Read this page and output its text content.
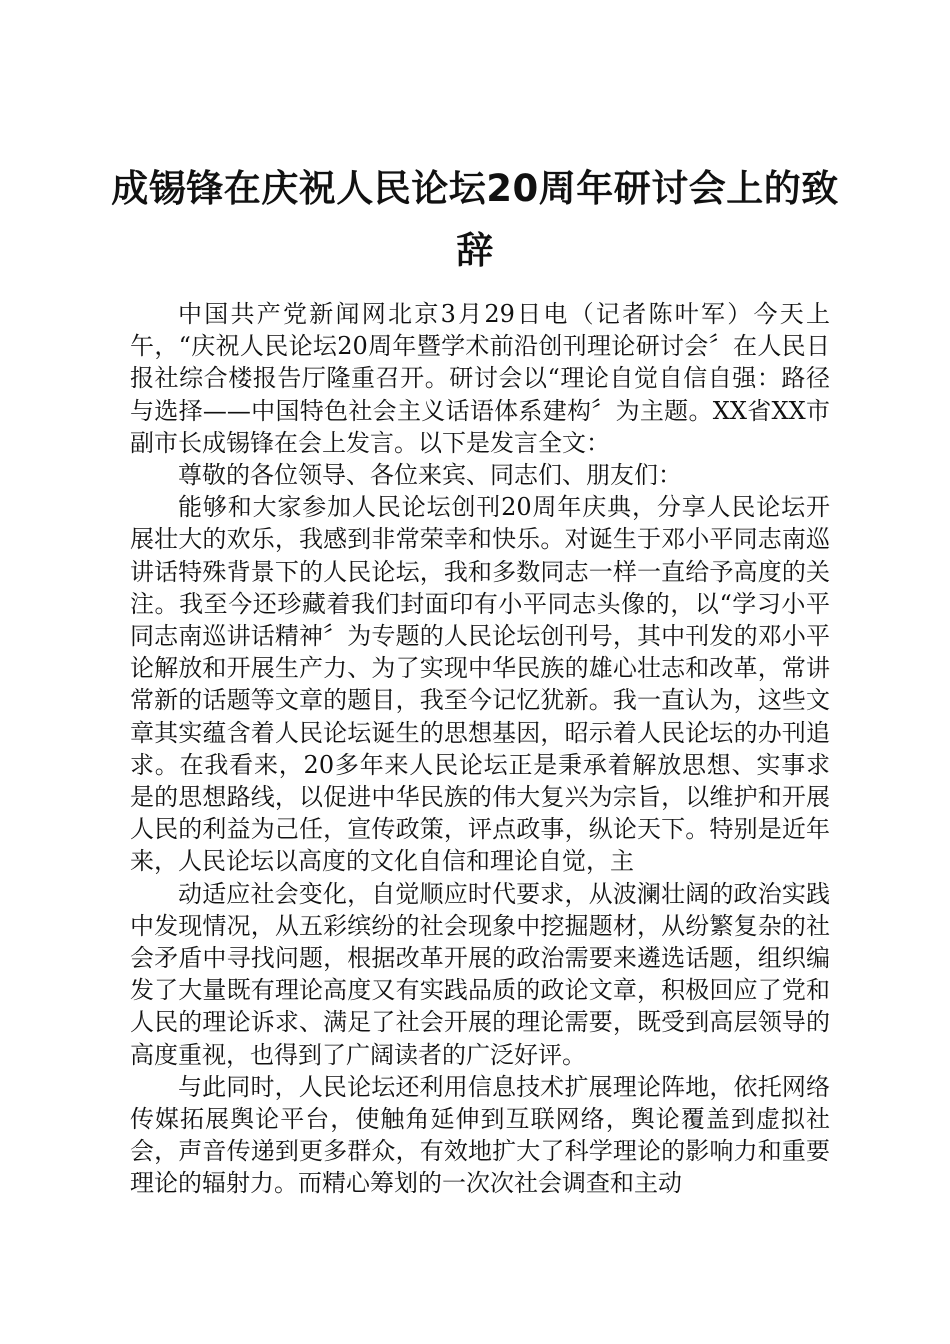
成锡锋在庆祝人民论坛20周年研讨会上的致辞

中国共产党新闻网北京3月29日电（记者陈叶军）今天上午，“庆祝人民论坛20周年暨学术前沿创刊理论研讨会〞在人民日报社综合楼报告厅隆重召开。研讨会以“理论自觉自信自强：路径与选择——中国特色社会主义话语体系建构〞为主题。XX省XX市副市长成锡锋在会上发言。以下是发言全文：

尊敬的各位领导、各位来宾、同志们、朋友们：

能够和大家参加人民论坛创刊20周年庆典，分享人民论坛开展壮大的欢乐，我感到非常荣幸和快乐。对诞生于邓小平同志南巡讲话特殊背景下的人民论坛，我和多数同志一样一直给予高度的关注。我至今还珍藏着我们封面印有小平同志头像的，以“学习小平同志南巡讲话精神〞为专题的人民论坛创刊号，其中刊发的邓小平论解放和开展生产力、为了实现中华民族的雄心壮志和改革，常讲常新的话题等文章的题目，我至今记忆犹新。我一直认为，这些文章其实蕴含着人民论坛诞生的思想基因，昭示着人民论坛的办刊追求。在我看来，20多年来人民论坛正是秉承着解放思想、实事求是的思想路线，以促进中华民族的伟大复兴为宗旨，以维护和开展人民的利益为己任，宣传政策，评点政事，纵论天下。特别是近年来，人民论坛以高度的文化自信和理论自觉，主

动适应社会变化，自觉顺应时代要求，从波澜壮阔的政治实践中发现情况，从五彩缤纷的社会现象中挖掘题材，从纷繁复杂的社会矛盾中寻找问题，根据改革开展的政治需要来遴选话题，组织编发了大量既有理论高度又有实践品质的政论文章，积极回应了党和人民的理论诉求、满足了社会开展的理论需要，既受到高层领导的高度重视，也得到了广阔读者的广泛好评。

与此同时，人民论坛还利用信息技术扩展理论阵地，依托网络传媒拓展舆论平台，使触角延伸到互联网络，舆论覆盖到虚拟社会，声音传递到更多群众，有效地扩大了科学理论的影响力和重要理论的辐射力。而精心筹划的一次次社会调查和主动
